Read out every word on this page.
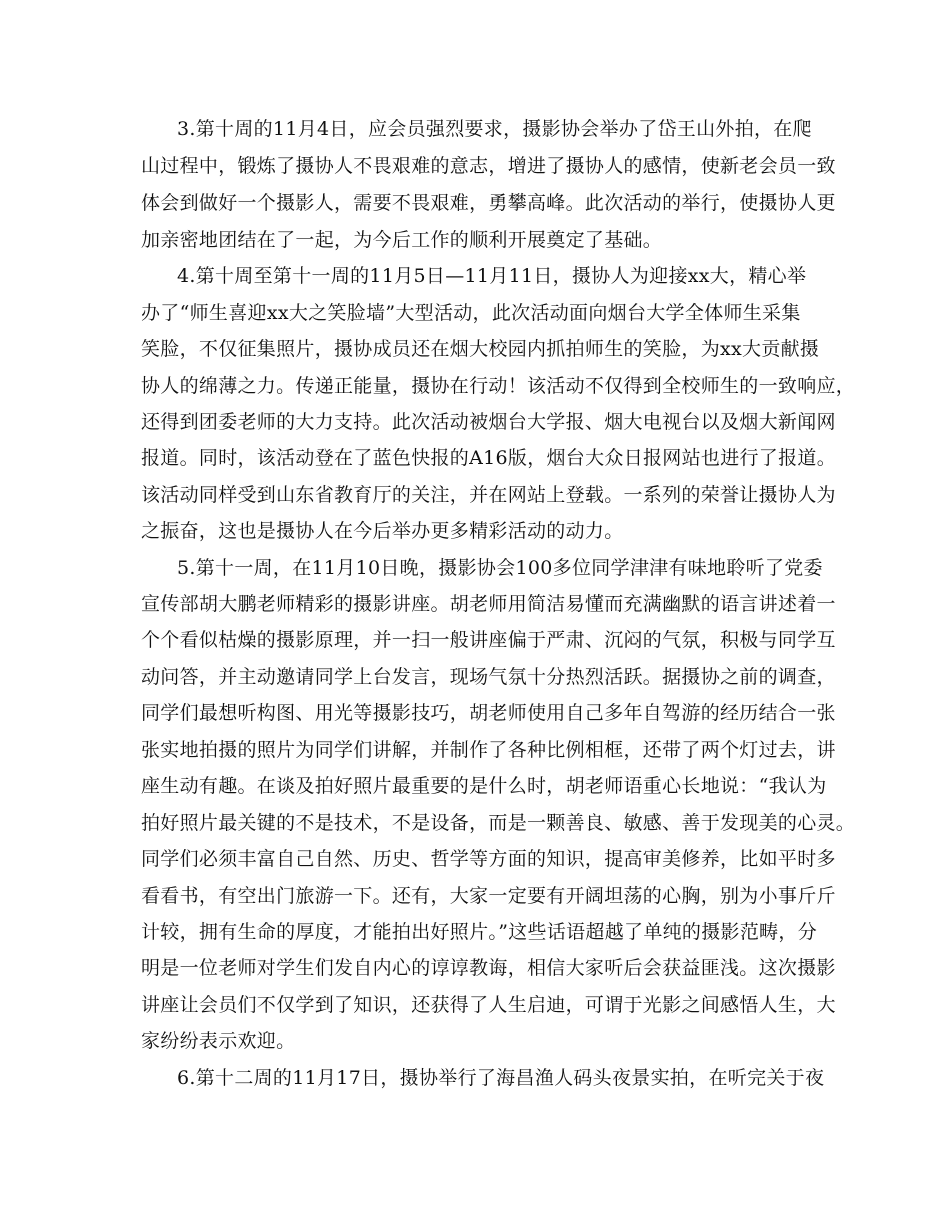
3.第十周的11月4日，应会员强烈要求，摄影协会举办了岱王山外拍，在爬
山过程中，锻炼了摄协人不畏艰难的意志，增进了摄协人的感情，使新老会员一致
体会到做好一个摄影人，需要不畏艰难，勇攀高峰。此次活动的举行，使摄协人更
加亲密地团结在了一起，为今后工作的顺利开展奠定了基础。
4.第十周至第十一周的11月5日—11月11日，摄协人为迎接xx大，精心举
办了“师生喜迎xx大之笑脸墙”大型活动，此次活动面向烟台大学全体师生采集
笑脸，不仅征集照片，摄协成员还在烟大校园内抓拍师生的笑脸，为xx大贡献摄
协人的绵薄之力。传递正能量，摄协在行动！该活动不仅得到全校师生的一致响应，
还得到团委老师的大力支持。此次活动被烟台大学报、烟大电视台以及烟大新闻网
报道。同时，该活动登在了蓝色快报的A16版，烟台大众日报网站也进行了报道。
该活动同样受到山东省教育厅的关注，并在网站上登载。一系列的荣誉让摄协人为
之振奋，这也是摄协人在今后举办更多精彩活动的动力。
5.第十一周，在11月10日晚，摄影协会100多位同学津津有味地聆听了党委
宣传部胡大鹏老师精彩的摄影讲座。胡老师用简洁易懂而充满幽默的语言讲述着一
个个看似枯燥的摄影原理，并一扫一般讲座偏于严肃、沉闷的气氛，积极与同学互
动问答，并主动邀请同学上台发言，现场气氛十分热烈活跃。据摄协之前的调查，
同学们最想听构图、用光等摄影技巧，胡老师使用自己多年自驾游的经历结合一张
张实地拍摄的照片为同学们讲解，并制作了各种比例相框，还带了两个灯过去，讲
座生动有趣。在谈及拍好照片最重要的是什么时，胡老师语重心长地说：“我认为
拍好照片最关键的不是技术，不是设备，而是一颗善良、敏感、善于发现美的心灵。
同学们必须丰富自己自然、历史、哲学等方面的知识，提高审美修养，比如平时多
看看书，有空出门旅游一下。还有，大家一定要有开阔坦荡的心胸，别为小事斤斤
计较，拥有生命的厚度，才能拍出好照片。”这些话语超越了单纯的摄影范畴，分
明是一位老师对学生们发自内心的谆谆教诲，相信大家听后会获益匪浅。这次摄影
讲座让会员们不仅学到了知识，还获得了人生启迪，可谓于光影之间感悟人生，大
家纷纷表示欢迎。
6.第十二周的11月17日，摄协举行了海昌渔人码头夜景实拍，在听完关于夜
